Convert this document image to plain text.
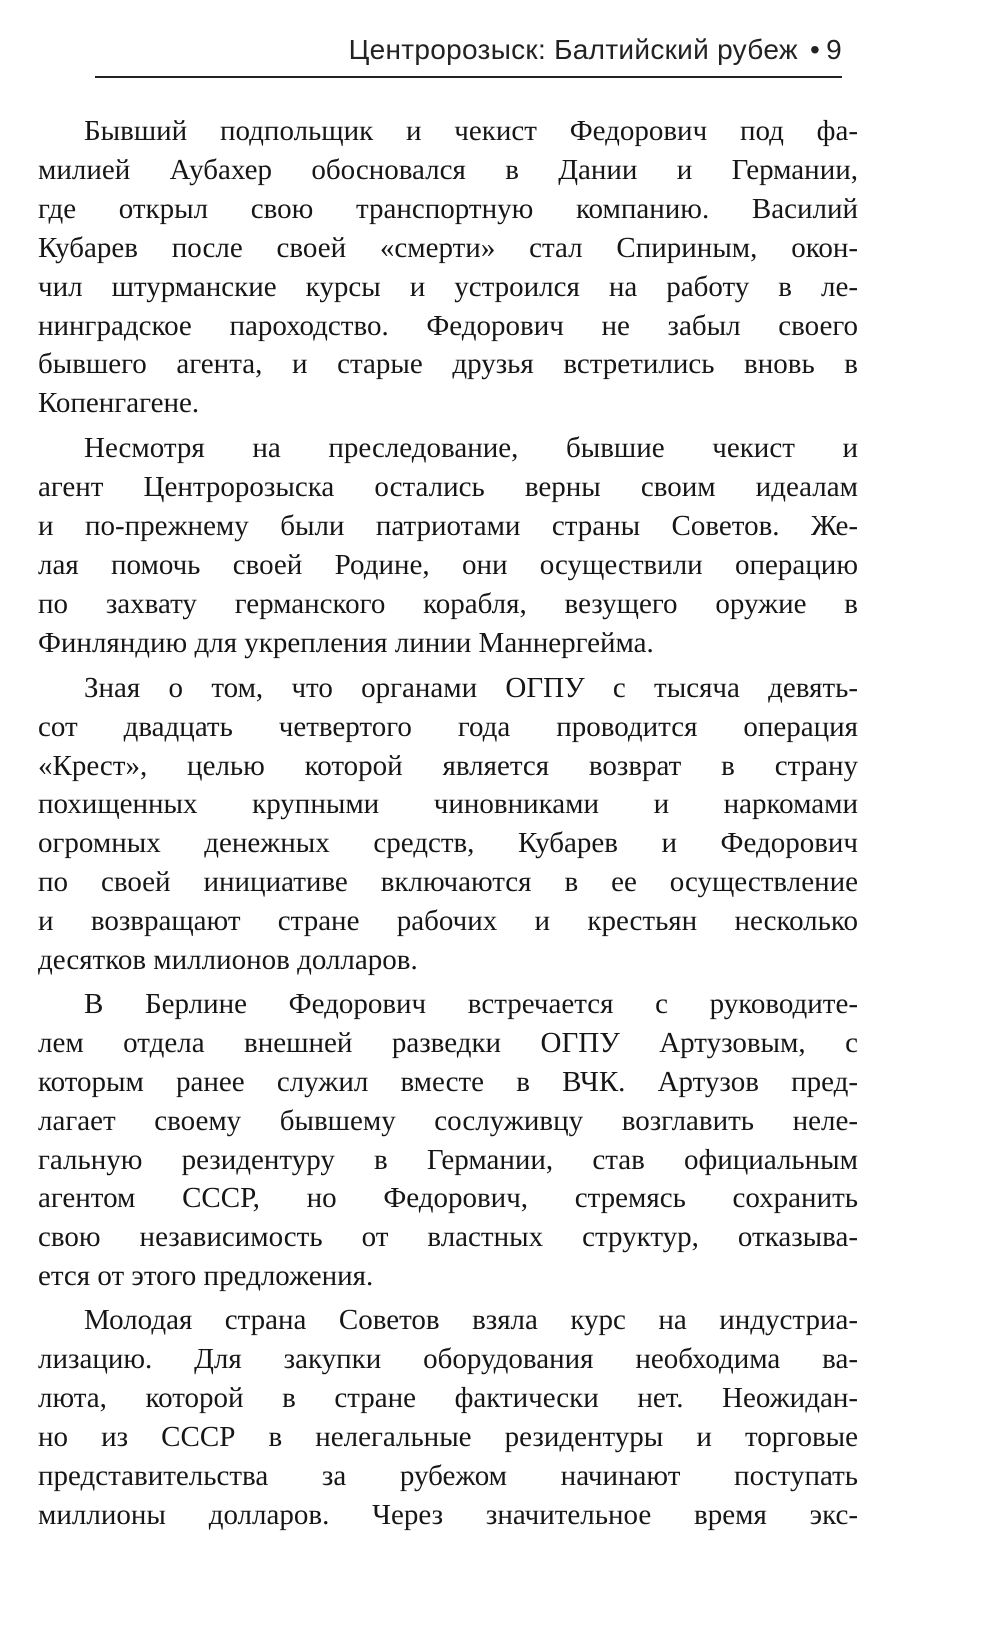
Центророзыск: Балтийский рубеж • 9
Бывший подпольщик и чекист Федорович под фа-
милией Аубахер обосновался в Дании и Германии,
где открыл свою транспортную компанию. Василий
Кубарев после своей «смерти» стал Спириным, окон-
чил штурманские курсы и устроился на работу в ле-
нинградское пароходство. Федорович не забыл своего
бывшего агента, и старые друзья встретились вновь в
Копенгагене.
Несмотря на преследование, бывшие чекист и
агент Центророзыска остались верны своим идеалам
и по-прежнему были патриотами страны Советов. Же-
лая помочь своей Родине, они осуществили операцию
по захвату германского корабля, везущего оружие в
Финляндию для укрепления линии Маннергейма.
Зная о том, что органами ОГПУ с тысяча девять-
сот двадцать четвертого года проводится операция
«Крест», целью которой является возврат в страну
похищенных крупными чиновниками и наркомами
огромных денежных средств, Кубарев и Федорович
по своей инициативе включаются в ее осуществление
и возвращают стране рабочих и крестьян несколько
десятков миллионов долларов.
В Берлине Федорович встречается с руководите-
лем отдела внешней разведки ОГПУ Артузовым, с
которым ранее служил вместе в ВЧК. Артузов пред-
лагает своему бывшему сослуживцу возглавить неле-
гальную резидентуру в Германии, став официальным
агентом СССР, но Федорович, стремясь сохранить
свою независимость от властных структур, отказыва-
ется от этого предложения.
Молодая страна Советов взяла курс на индустриа-
лизацию. Для закупки оборудования необходима ва-
люта, которой в стране фактически нет. Неожидан-
но из СССР в нелегальные резидентуры и торговые
представительства за рубежом начинают поступать
миллионы долларов. Через значительное время экс-
